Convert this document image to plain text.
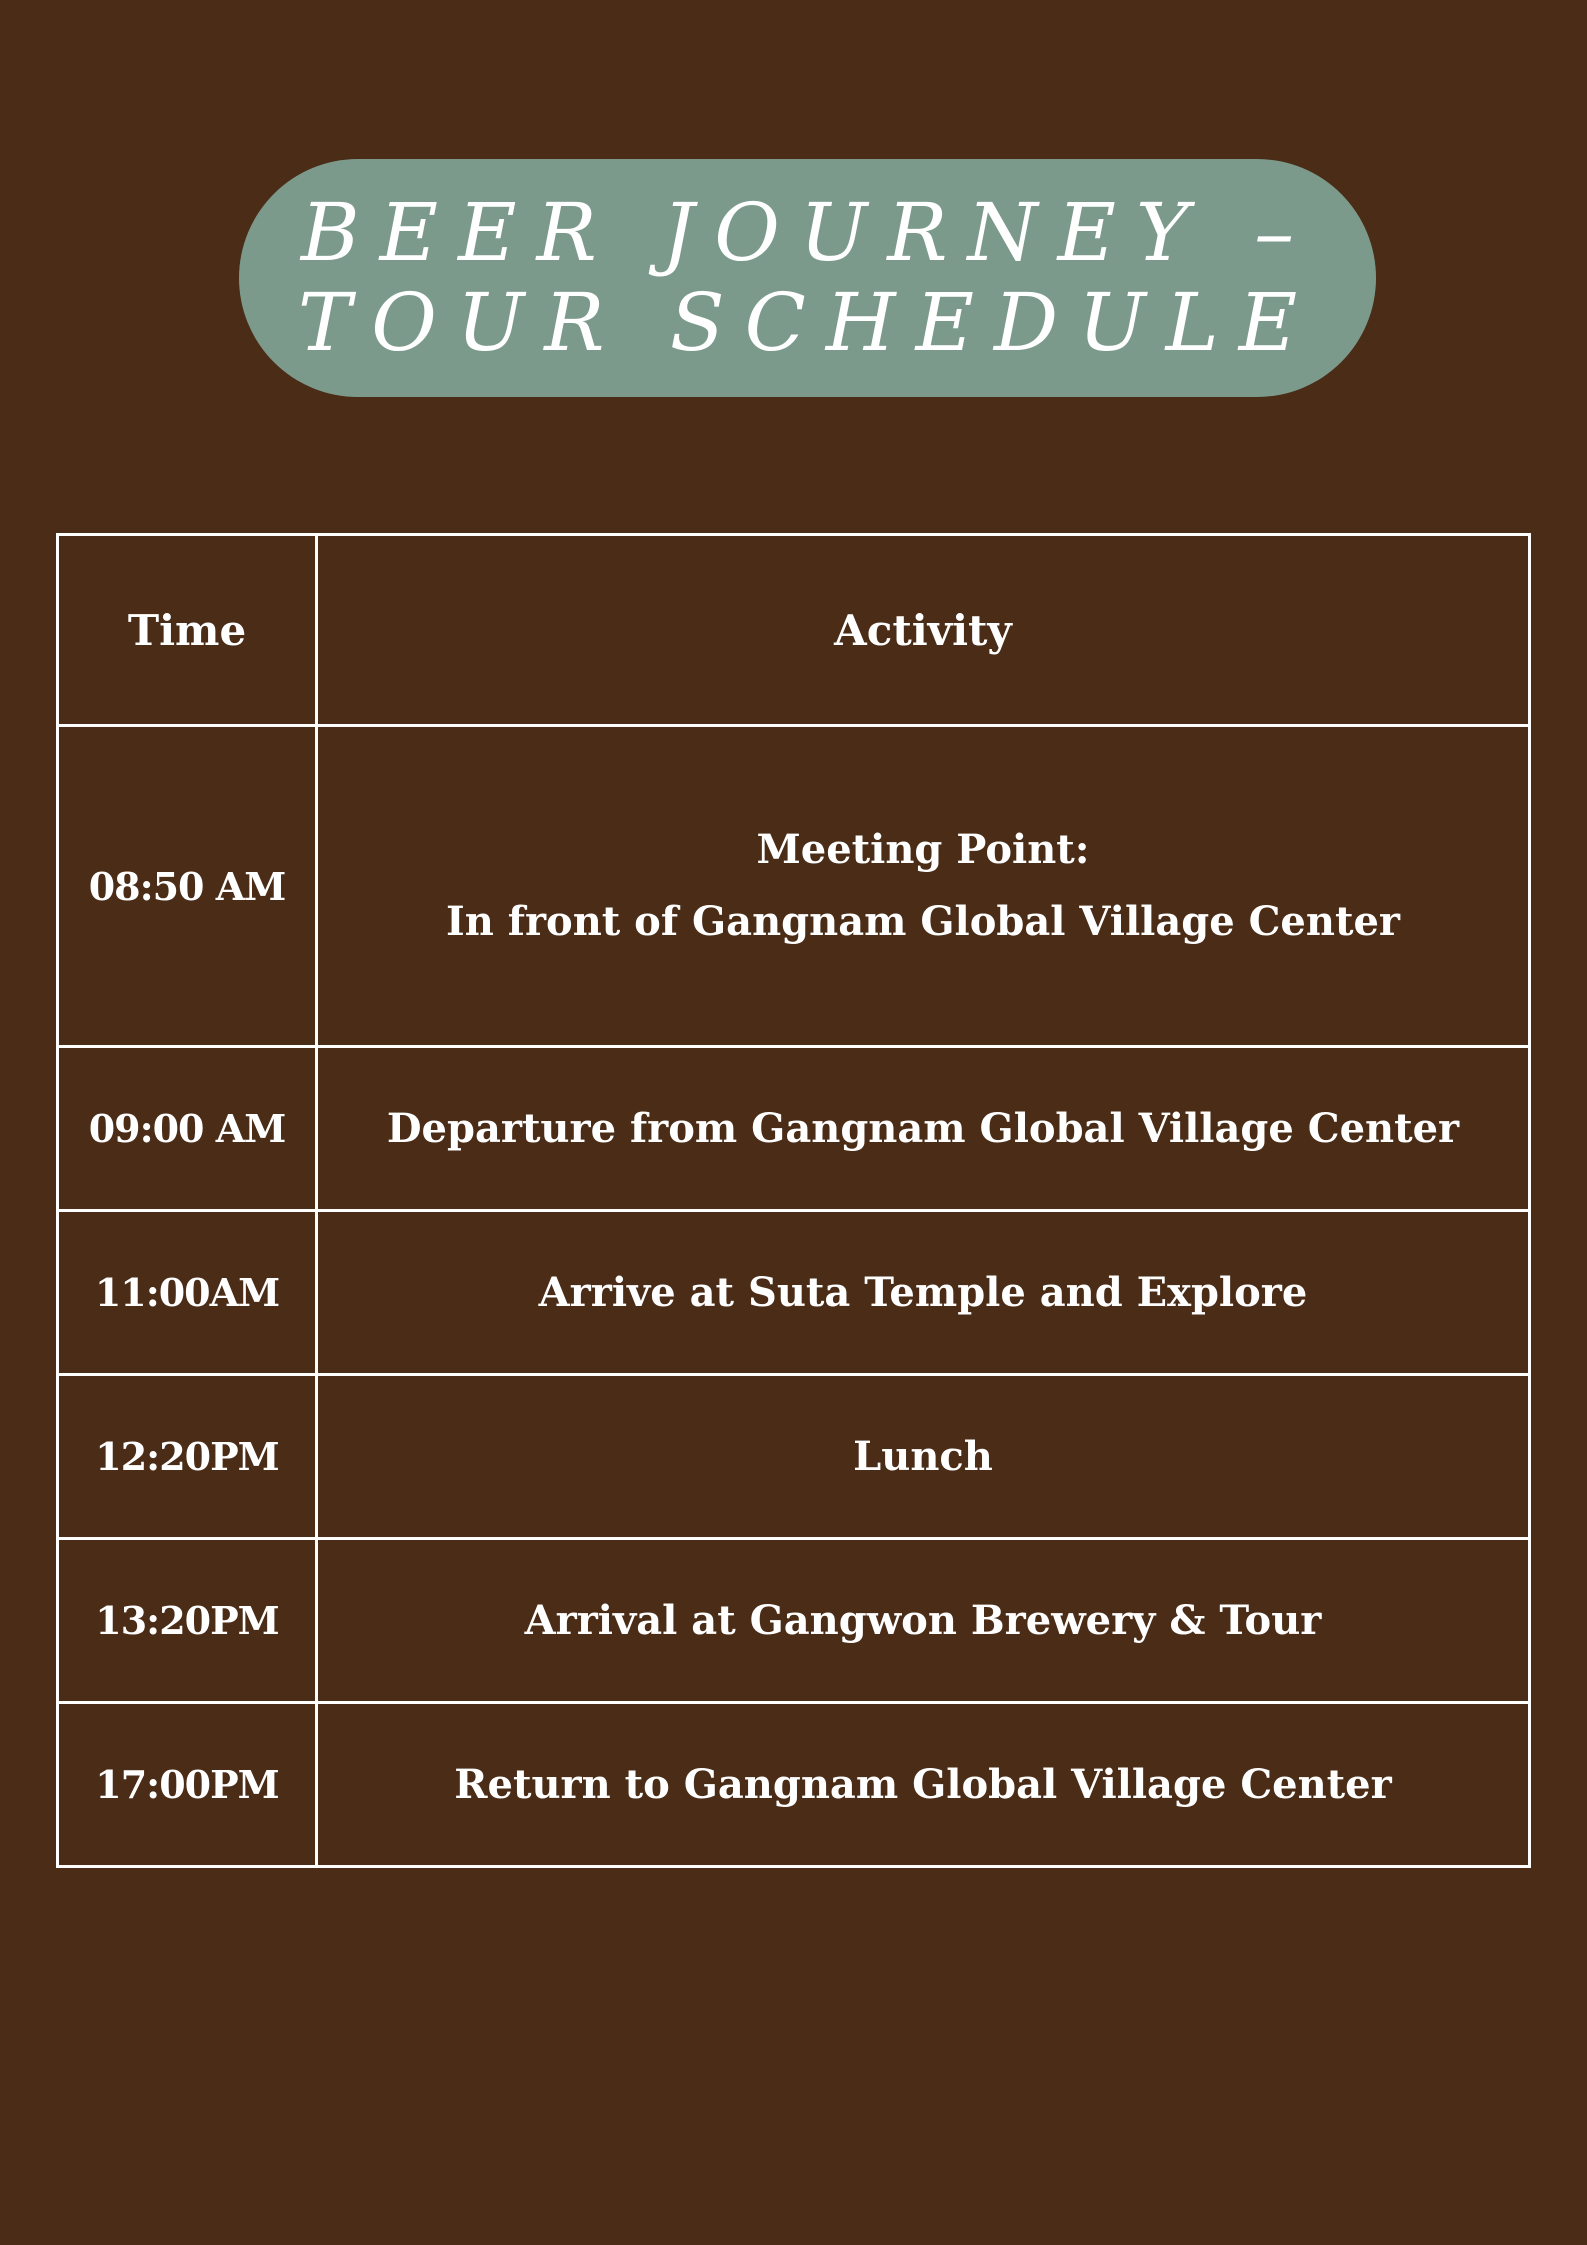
BEER JOURNEY –
TOUR SCHEDULE
Time	Activity
08:50 AM	Meeting Point:
In front of Gangnam Global Village Center

09:00 AM	Departure from Gangnam Global Village Center

11:00AM	Arrive at Suta Temple and Explore

12:20PM	Lunch

13:20PM	Arrival at Gangwon Brewery & Tour

17:00PM	Return to Gangnam Global Village Center
